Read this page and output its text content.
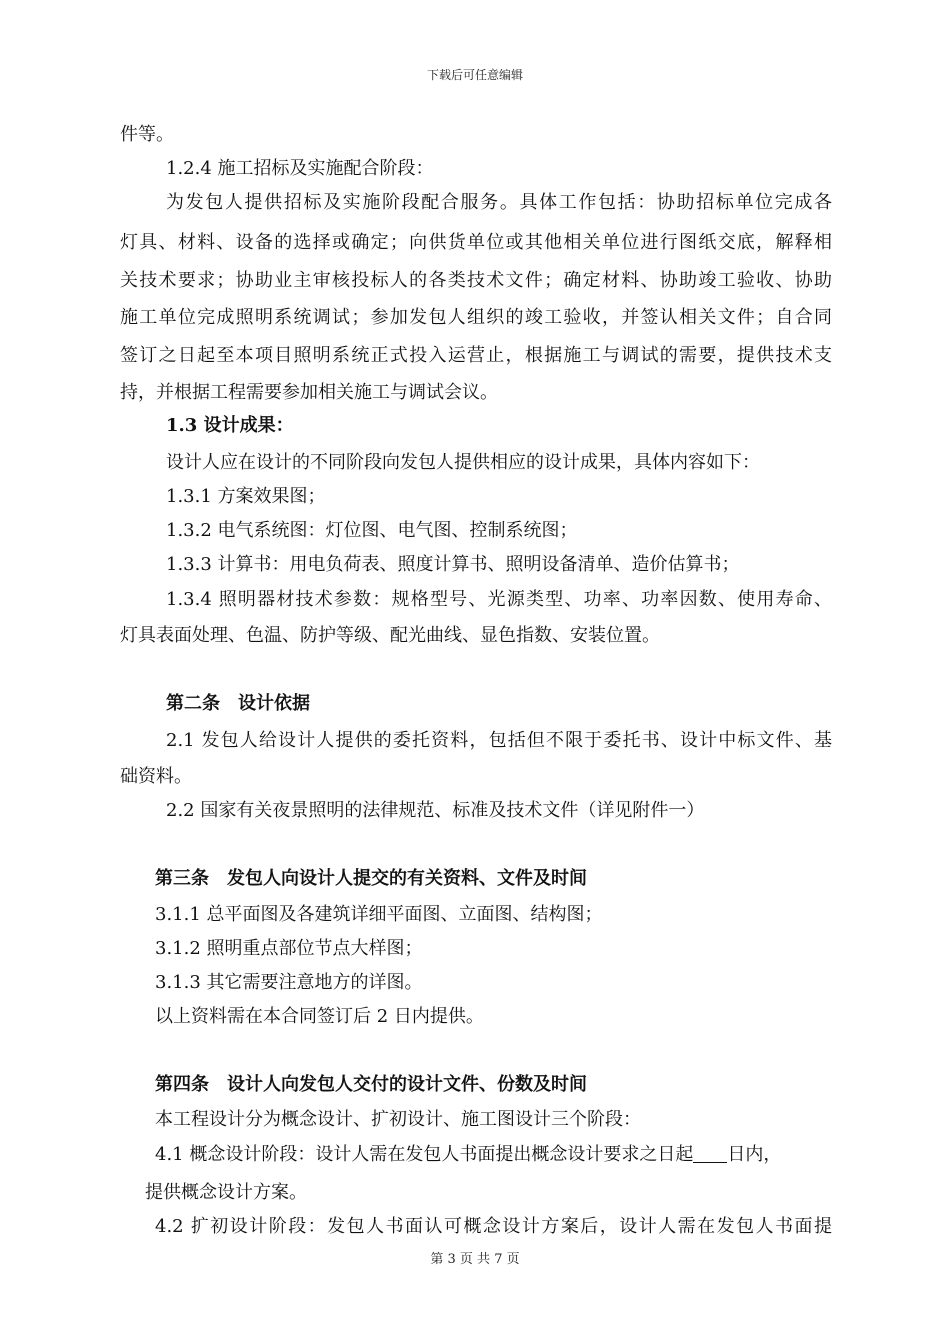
下载后可任意编辑
件等。
1.2.4 施工招标及实施配合阶段：
为发包人提供招标及实施阶段配合服务。具体工作包括：协助招标单位完成各
灯具、材料、设备的选择或确定；向供货单位或其他相关单位进行图纸交底，解释相
关技术要求；协助业主审核投标人的各类技术文件；确定材料、协助竣工验收、协助
施工单位完成照明系统调试；参加发包人组织的竣工验收，并签认相关文件；自合同
签订之日起至本项目照明系统正式投入运营止，根据施工与调试的需要，提供技术支
持，并根据工程需要参加相关施工与调试会议。
1.3 设计成果：
设计人应在设计的不同阶段向发包人提供相应的设计成果，具体内容如下：
1.3.1 方案效果图；
1.3.2 电气系统图：灯位图、电气图、控制系统图；
1.3.3 计算书：用电负荷表、照度计算书、照明设备清单、造价估算书；
1.3.4 照明器材技术参数：规格型号、光源类型、功率、功率因数、使用寿命、
灯具表面处理、色温、防护等级、配光曲线、显色指数、安装位置。
第二条　设计依据
2.1 发包人给设计人提供的委托资料，包括但不限于委托书、设计中标文件、基
础资料。
2.2 国家有关夜景照明的法律规范、标准及技术文件（详见附件一）
第三条　发包人向设计人提交的有关资料、文件及时间
3.1.1 总平面图及各建筑详细平面图、立面图、结构图；
3.1.2 照明重点部位节点大样图；
3.1.3 其它需要注意地方的详图。
以上资料需在本合同签订后 2 日内提供。
第四条　设计人向发包人交付的设计文件、份数及时间
本工程设计分为概念设计、扩初设计、施工图设计三个阶段：
4.1 概念设计阶段：设计人需在发包人书面提出概念设计要求之日起 日内，
提供概念设计方案。
4.2 扩初设计阶段：发包人书面认可概念设计方案后，设计人需在发包人书面提
第 3 页 共 7 页
